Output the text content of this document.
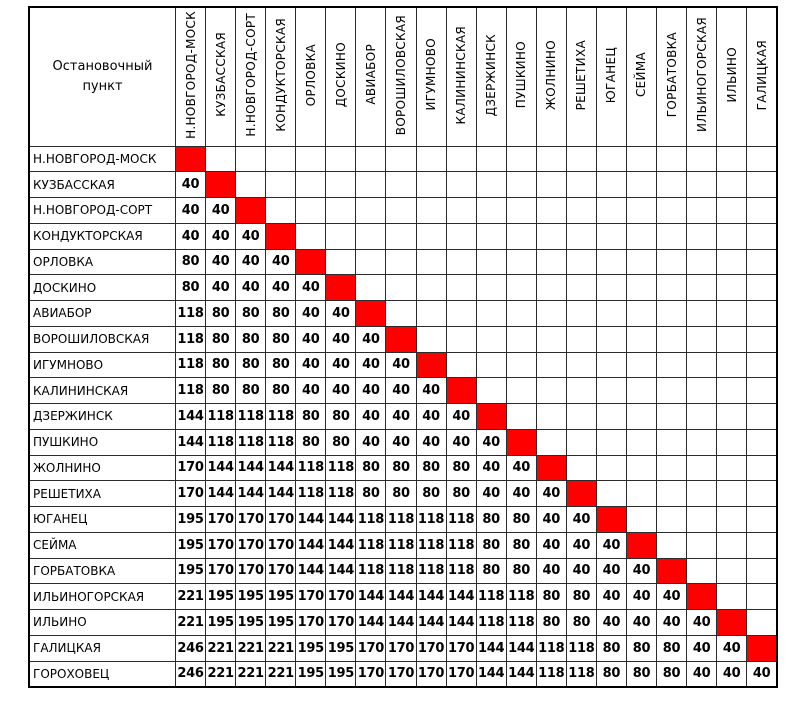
Остановочный пункт	Н.НОВГОРОД-МОСК	КУЗБАССКАЯ	Н.НОВГОРОД-СОРТ	КОНДУКТОРСКАЯ	ОРЛОВКА	ДОСКИНО	АВИАБОР	ВОРОШИЛОВСКАЯ	ИГУМНОВО	КАЛИНИНСКАЯ	ДЗЕРЖИНСК	ПУШКИНО	ЖОЛНИНО	РЕШЕТИХА	ЮГАНЕЦ	СЕЙМА	ГОРБАТОВКА	ИЛЬИНОГОРСКАЯ	ИЛЬИНО	ГАЛИЦКАЯ
Н.НОВГОРОД-МОСК																				
КУЗБАССКАЯ	40																			
Н.НОВГОРОД-СОРТ	40	40																		
КОНДУКТОРСКАЯ	40	40	40																	
ОРЛОВКА	80	40	40	40																
ДОСКИНО	80	40	40	40	40															
АВИАБОР	118	80	80	80	40	40														
ВОРОШИЛОВСКАЯ	118	80	80	80	40	40	40													
ИГУМНОВО	118	80	80	80	40	40	40	40												
КАЛИНИНСКАЯ	118	80	80	80	40	40	40	40	40											
ДЗЕРЖИНСК	144	118	118	118	80	80	40	40	40	40										
ПУШКИНО	144	118	118	118	80	80	40	40	40	40	40									
ЖОЛНИНО	170	144	144	144	118	118	80	80	80	80	40	40								
РЕШЕТИХА	170	144	144	144	118	118	80	80	80	80	40	40	40							
ЮГАНЕЦ	195	170	170	170	144	144	118	118	118	118	80	80	40	40						
СЕЙМА	195	170	170	170	144	144	118	118	118	118	80	80	40	40	40					
ГОРБАТОВКА	195	170	170	170	144	144	118	118	118	118	80	80	40	40	40	40				
ИЛЬИНОГОРСКАЯ	221	195	195	195	170	170	144	144	144	144	118	118	80	80	40	40	40			
ИЛЬИНО	221	195	195	195	170	170	144	144	144	144	118	118	80	80	40	40	40	40		
ГАЛИЦКАЯ	246	221	221	221	195	195	170	170	170	170	144	144	118	118	80	80	80	40	40	
ГОРОХОВЕЦ	246	221	221	221	195	195	170	170	170	170	144	144	118	118	80	80	80	40	40	40
